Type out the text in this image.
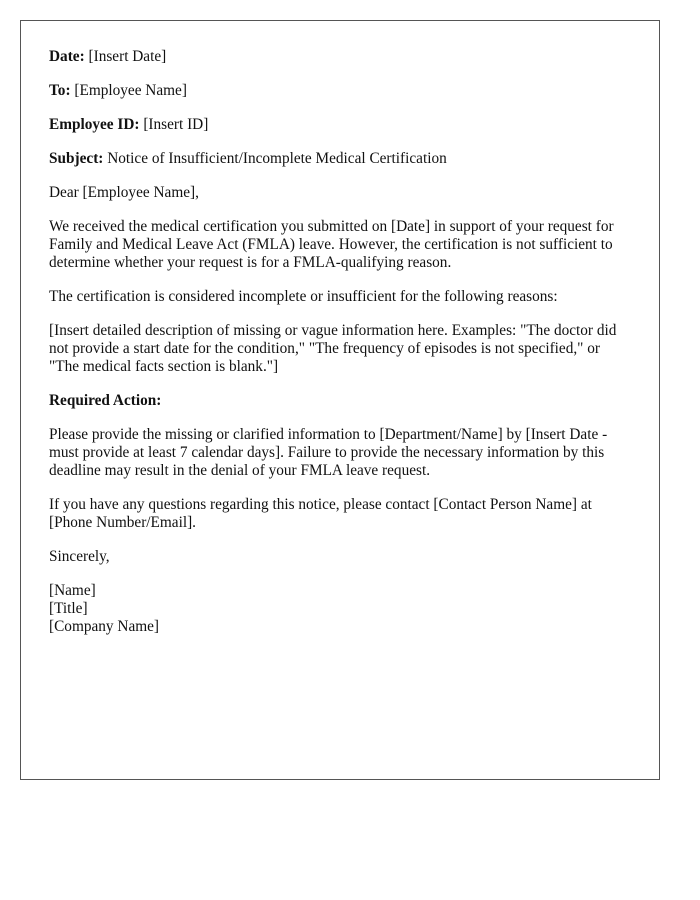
Date: [Insert Date]

To: [Employee Name]

Employee ID: [Insert ID]

Subject: Notice of Insufficient/Incomplete Medical Certification

Dear [Employee Name],

We received the medical certification you submitted on [Date] in support of your request for Family and Medical Leave Act (FMLA) leave. However, the certification is not sufficient to determine whether your request is for a FMLA-qualifying reason.

The certification is considered incomplete or insufficient for the following reasons:

[Insert detailed description of missing or vague information here. Examples: "The doctor did not provide a start date for the condition," "The frequency of episodes is not specified," or "The medical facts section is blank."]

Required Action:

Please provide the missing or clarified information to [Department/Name] by [Insert Date - must provide at least 7 calendar days]. Failure to provide the necessary information by this deadline may result in the denial of your FMLA leave request.

If you have any questions regarding this notice, please contact [Contact Person Name] at [Phone Number/Email].

Sincerely,

[Name]
[Title]
[Company Name]
